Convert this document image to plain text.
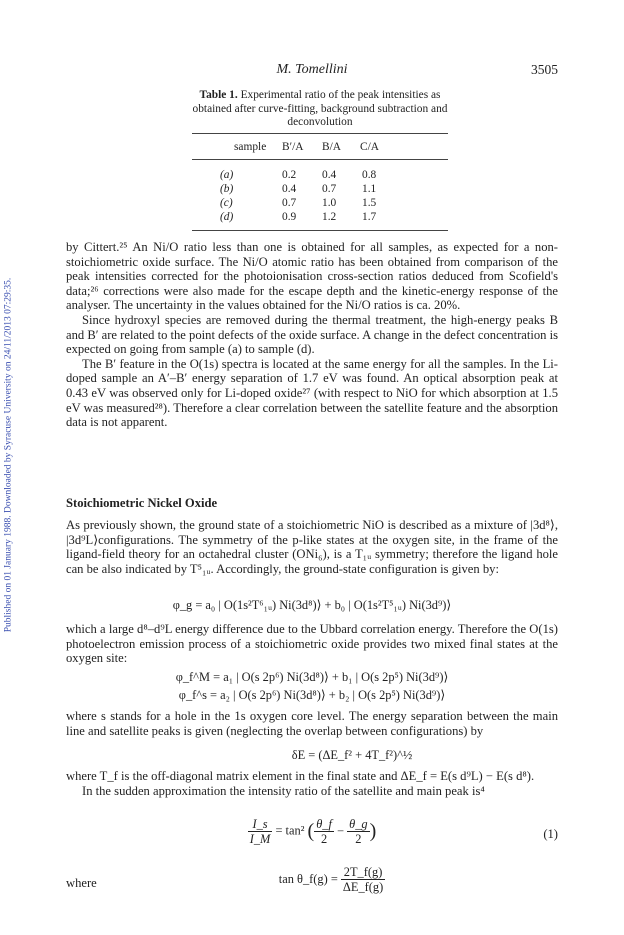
Published on 01 January 1988. Downloaded by Syracuse University on 24/11/2013 07:29:35.
M. Tomellini	3505
Table 1. Experimental ratio of the peak intensities as obtained after curve-fitting, background subtraction and deconvolution
sample B′/A B/A C/A
(a)	0.2 0.4 0.8
(b)	0.4 0.7 1.1
(c)	0.7 1.0 1.5
(d)	0.9 1.2 1.7

by Cittert.²⁵ An Ni/O ratio less than one is obtained for all samples, as expected for a non-stoichiometric oxide surface. The Ni/O atomic ratio has been obtained from comparison of the peak intensities corrected for the photoionisation cross-section ratios deduced from Scofield's data;²⁶ corrections were also made for the escape depth and the kinetic-energy response of the analyser. The uncertainty in the values obtained for the Ni/O ratios is ca. 20%.

Since hydroxyl species are removed during the thermal treatment, the high-energy peaks B and B′ are related to the point defects of the oxide surface. A change in the defect concentration is expected on going from sample (a) to sample (d).

The B′ feature in the O(1s) spectra is located at the same energy for all the samples. In the Li-doped sample an A′–B′ energy separation of 1.7 eV was found. An optical absorption peak at 0.43 eV was observed only for Li-doped oxide²⁷ (with respect to NiO for which absorption at 1.5 eV was measured²⁸). Therefore a clear correlation between the satellite feature and the absorption data is not apparent.

Stoichiometric Nickel Oxide

As previously shown, the ground state of a stoichiometric NiO is described as a mixture of |3d⁸⟩, |3d⁹L⟩configurations. The symmetry of the p-like states at the oxygen site, in the frame of the ligand-field theory for an octahedral cluster (ONi₆), is a T₁ᵤ symmetry; therefore the ligand hole can be also indicated by T⁵₁ᵤ. Accordingly, the ground-state configuration is given by:

φ_g = a₀ | O(1s²T⁶₁ᵤ) Ni(3d⁸)⟩ + b₀ | O(1s²T⁵₁ᵤ) Ni(3d⁹)⟩

which a large d⁸–d⁹L energy difference due to the Ubbard correlation energy. Therefore the O(1s) photoelectron emission process of a stoichiometric oxide provides two mixed final states at the oxygen site:

φ_f^M = a₁ | O(s 2p⁶) Ni(3d⁸)⟩ + b₁ | O(s 2p⁵) Ni(3d⁹)⟩
φ_f^s = a₂ | O(s 2p⁶) Ni(3d⁸)⟩ + b₂ | O(s 2p⁵) Ni(3d⁹)⟩

where s stands for a hole in the 1s oxygen core level. The energy separation between the main line and satellite peaks is given (neglecting the overlap between configurations) by

δE = (ΔE_f² + 4T_f²)^½

where T_f is the off-diagonal matrix element in the final state and ΔE_f = E(s d⁹L) − E(s d⁸).

In the sudden approximation the intensity ratio of the satellite and main peak is⁴

$\frac{I\_s}{I\_M} = \tan^2$ ( $\frac{\theta\_f}{2} - \frac{\theta\_g}{2}$ )	(1)
where	tan θ_f(g) = $\frac{2T\_f(g)}{\Delta E\_f(g)}$
